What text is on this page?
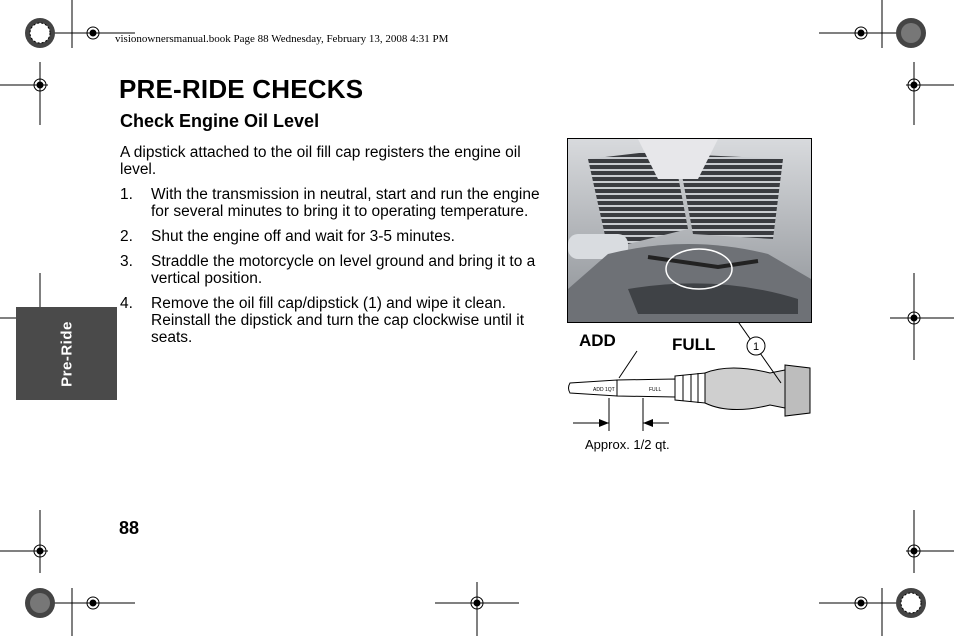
visionownersmanual.book Page 88 Wednesday, February 13, 2008 4:31 PM
PRE-RIDE CHECKS
Check Engine Oil Level

A dipstick attached to the oil fill cap registers the engine oil level.

1. With the transmission in neutral, start and run the engine for several minutes to bring it to operating temperature.
2. Shut the engine off and wait for 3-5 minutes.
3. Straddle the motorcycle on level ground and bring it to a vertical position.
4. Remove the oil fill cap/dipstick (1) and wipe it clean. Reinstall the dipstick and turn the cap clockwise until it seats.
Pre-Ride
88
1
ADD 1QT	FULL
ADD	FULL
Approx. 1/2 qt.
